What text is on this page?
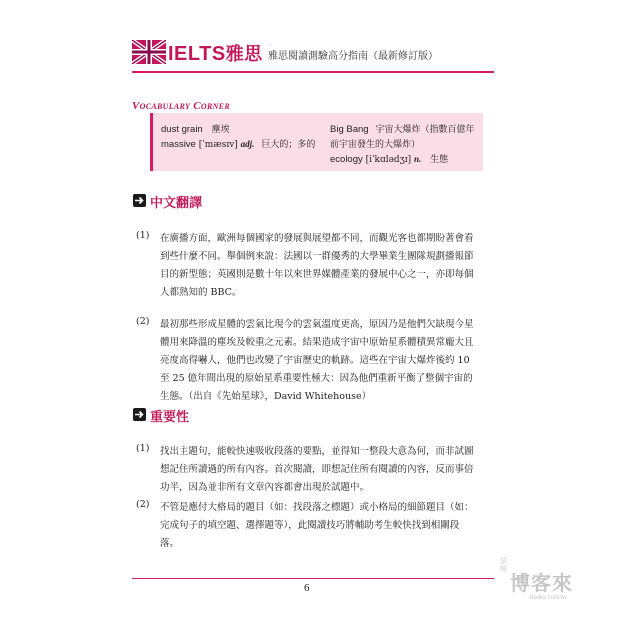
IELTS雅思 雅思閱讀測驗高分指南（最新修訂版）
Vocabulary Corner
dust grain 塵埃
massive [ˈmæsɪv] adj. 巨大的；多的
Big Bang 宇宙大爆炸（指數百億年
前宇宙發生的大爆炸）
ecology [iˈkɑlədʒɪ] n. 生態
中文翻譯
(1) 在廣播方面，歐洲每個國家的發展與展望都不同，而觀光客也都期盼著會看
到些什麼不同。舉個例來說：法國以一群優秀的大學畢業生團隊規劃播報節
目的新型態；英國則是數十年以來世界媒體產業的發展中心之一，亦即每個
人都熟知的 BBC。
(2) 最初那些形成星體的雲氣比現今的雲氣溫度更高，原因乃是他們欠缺現今星
體用來降溫的塵埃及較重之元素。結果造成宇宙中原始星系體積異常龐大且
亮度高得嚇人，他們也改變了宇宙歷史的軌跡。這些在宇宙大爆炸後約 10
至 25 億年間出現的原始星系重要性極大：因為他們重新平衡了整個宇宙的
生態。（出自《先始星球》，David Whitehouse）
重要性
(1) 找出主題句，能較快速吸收段落的要點，並得知一整段大意為何，而非試圖
想記住所讀過的所有內容。首次閱讀，即想記住所有閱讀的內容，反而事倍
功半，因為並非所有文章內容都會出現於試題中。
(2) 不管是應付大格局的題目（如：找段落之標題）或小格局的細節題目（如：
完成句子的填空題、選擇題等），此閱讀技巧將輔助考生較快找到相關段
落。
6
試閱
博客來
books.com.tw
